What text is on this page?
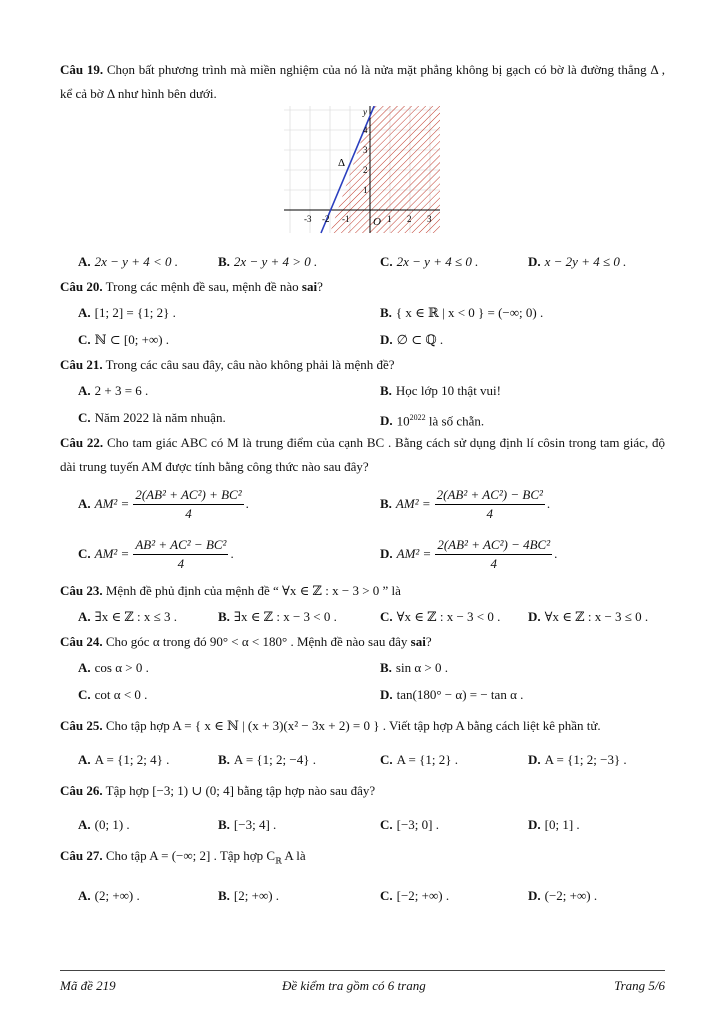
Câu 19. Chọn bất phương trình mà miền nghiệm của nó là nửa mặt phẳng không bị gạch có bờ là đường thẳng Δ , kể cả bờ Δ như hình bên dưới.

y
Δ
O
-3 -2 -1	1 2 3
1
2
3
4
A. 2x − y + 4 < 0 .	B. 2x − y + 4 > 0 .	C. 2x − y + 4 ≤ 0 .	D. x − 2y + 4 ≤ 0 .

Câu 20. Trong các mệnh đề sau, mệnh đề nào sai?

A. [1; 2] = {1; 2} .	B. { x ∈ ℝ | x < 0 } = (−∞; 0) .
C. ℕ ⊂ [0; +∞) .	D. ∅ ⊂ ℚ .

Câu 21. Trong các câu sau đây, câu nào không phải là mệnh đề?

A. 2 + 3 = 6 .	B. Học lớp 10 thật vui!
C. Năm 2022 là năm nhuận.	D. $10^{2022}$ là số chẵn.

Câu 22. Cho tam giác ABC có M là trung điểm của cạnh BC . Bằng cách sử dụng định lí côsin trong tam giác, độ dài trung tuyến AM được tính bằng công thức nào sau đây?

A. $AM^2 = \frac{\text{2(AB² + AC²) + BC²}}{4}$ .	B. $AM^2 = \frac{\text{2(AB² + AC²) − BC²}}{4}$ .
C. $AM^2 = \frac{\text{AB² + AC² − BC²}}{4}$ .	D. $AM^2 = \frac{\text{2(AB² + AC²) − 4BC²}}{4}$ .

Câu 23. Mệnh đề phủ định của mệnh đề “ ∀x ∈ ℤ : x − 3 > 0 ” là

A. ∃x ∈ ℤ : x ≤ 3 .	B. ∃x ∈ ℤ : x − 3 < 0 .	C. ∀x ∈ ℤ : x − 3 < 0 . D. ∀x ∈ ℤ : x − 3 ≤ 0 .

Câu 24. Cho góc α trong đó 90° < α < 180° . Mệnh đề nào sau đây sai?

A. cos α > 0 .	B. sin α > 0 .
C. cot α < 0 .	D. tan(180° − α) = − tan α .

Câu 25. Cho tập hợp A = { x ∈ ℕ | (x + 3)(x² − 3x + 2) = 0 } . Viết tập hợp A bằng cách liệt kê phần tử.

A. A = {1; 2; 4} .	B. A = {1; 2; −4} .	C. A = {1; 2} .	D. A = {1; 2; −3} .

Câu 26. Tập hợp [−3; 1) ∪ (0; 4] bằng tập hợp nào sau đây?

A. (0; 1) .	B. [−3; 4] .	C. [−3; 0] .	D. [0; 1] .

Câu 27. Cho tập A = (−∞; 2] . Tập hợp $C_ℝ$ A là

A. (2; +∞) .	B. [2; +∞) .	C. [−2; +∞) .	D. (−2; +∞) .
Mã đề 219	Đề kiểm tra gồm có 6 trang	Trang 5/6
